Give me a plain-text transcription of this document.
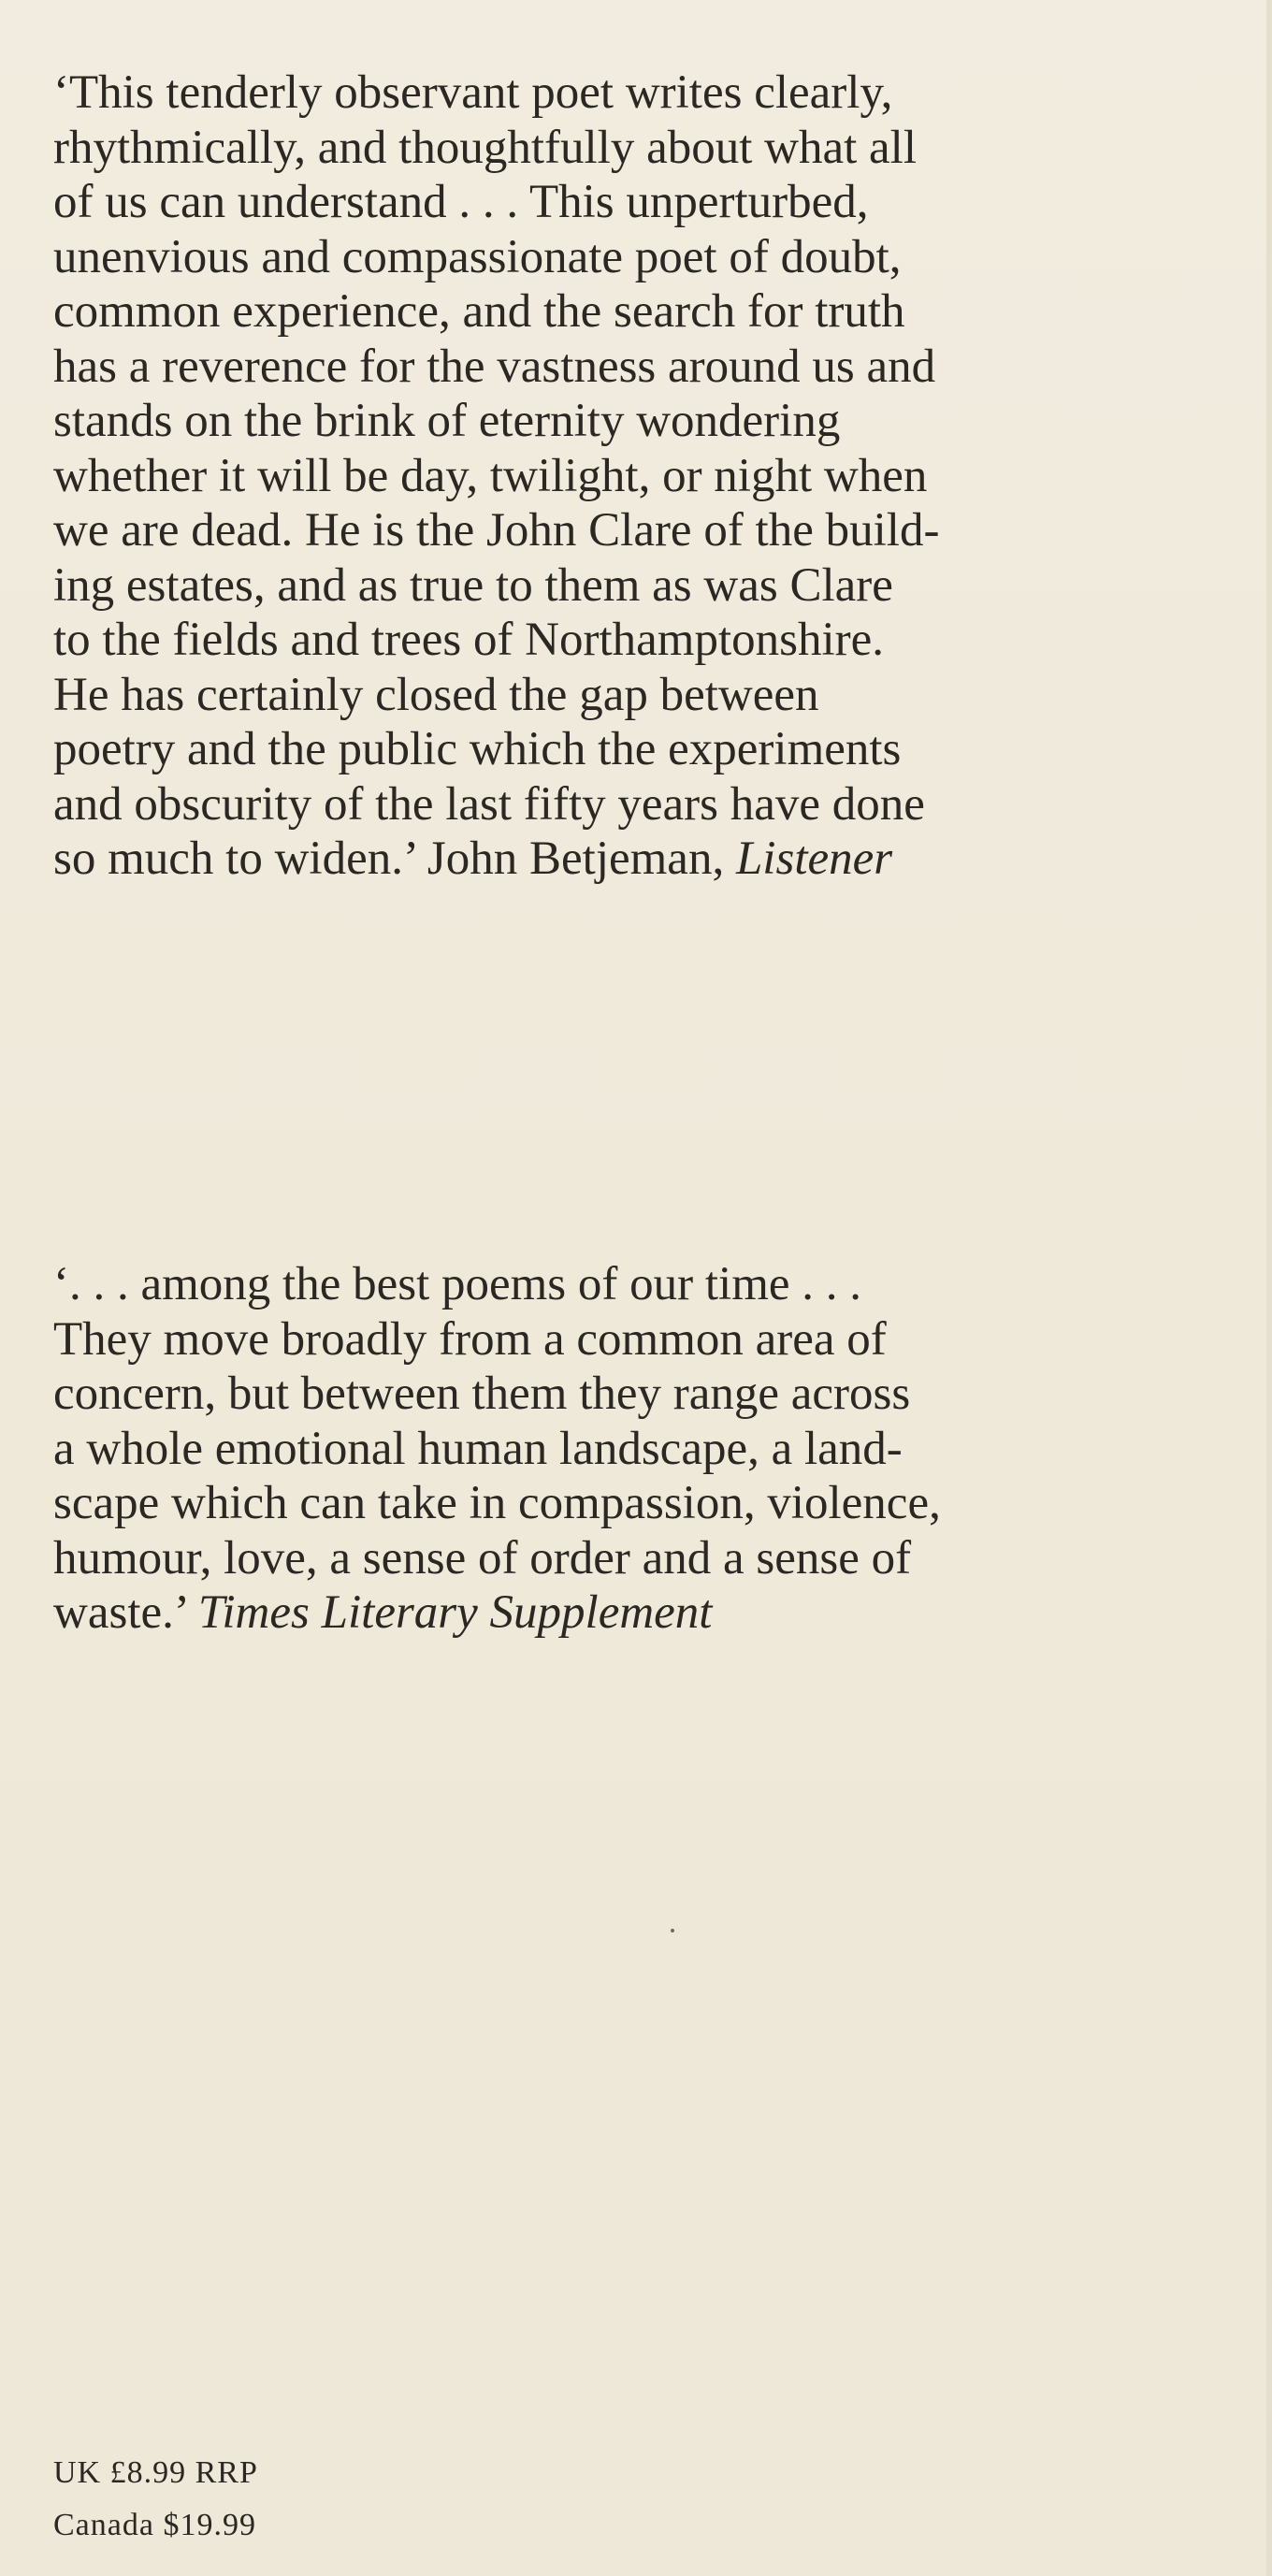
‘This tenderly observant poet writes clearly,
rhythmically, and thoughtfully about what all
of us can understand . . . This unperturbed,
unenvious and compassionate poet of doubt,
common experience, and the search for truth
has a reverence for the vastness around us and
stands on the brink of eternity wondering
whether it will be day, twilight, or night when
we are dead. He is the John Clare of the build-
ing estates, and as true to them as was Clare
to the fields and trees of Northamptonshire.
He has certainly closed the gap between
poetry and the public which the experiments
and obscurity of the last fifty years have done
so much to widen.’ John Betjeman, Listener
‘. . . among the best poems of our time . . .
They move broadly from a common area of
concern, but between them they range across
a whole emotional human landscape, a land-
scape which can take in compassion, violence,
humour, love, a sense of order and a sense of
waste.’ Times Literary Supplement
UK £8.99 RRP
Canada $19.99
